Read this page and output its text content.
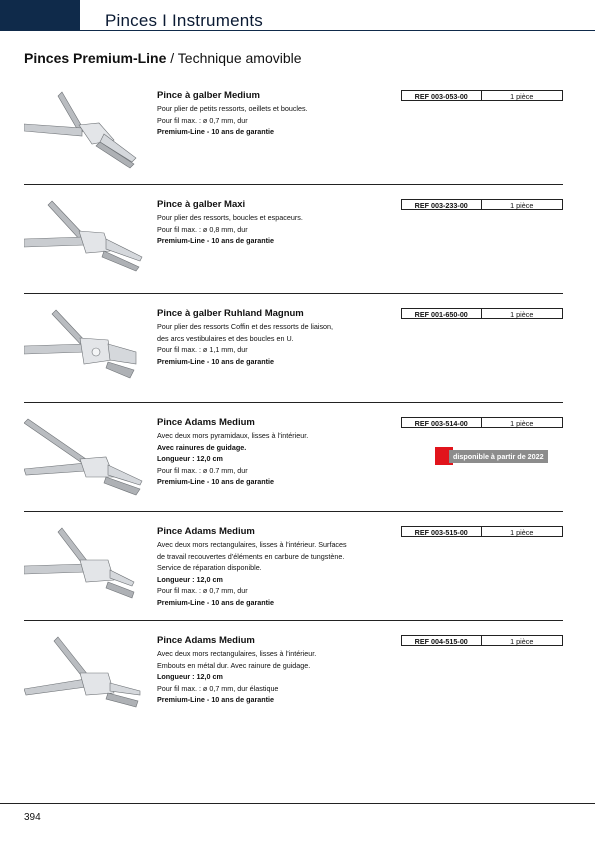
Pinces I Instruments
Pinces Premium-Line / Technique amovible

Pince à galber Medium

Pour plier de petits ressorts, oeillets et boucles.

Pour fil max. : ø 0,7 mm, dur

Premium-Line - 10 ans de garantie

REF 003-053-00	1 pièce

Pince à galber Maxi

Pour plier des ressorts, boucles et espaceurs.

Pour fil max. : ø 0,8 mm, dur

Premium-Line - 10 ans de garantie

REF 003-233-00	1 pièce

Pince à galber Ruhland Magnum

Pour plier des ressorts Coffin et des ressorts de liaison,

des arcs vestibulaires et des boucles en U.

Pour fil max. : ø 1,1 mm, dur

Premium-Line - 10 ans de garantie

REF 001-650-00	1 pièce

Pince Adams Medium

Avec deux mors pyramidaux, lisses à l’intérieur.

Avec rainures de guidage.

Longueur : 12,0 cm

Pour fil max. : ø 0.7 mm, dur

Premium-Line - 10 ans de garantie

REF 003-514-00	1 pièce
disponible à partir de 2022

Pince Adams Medium

Avec deux mors rectangulaires, lisses à l’intérieur. Surfaces

de travail recouvertes d’éléments en carbure de tungstène.

Service de réparation disponible.

Longueur : 12,0 cm

Pour fil max. : ø 0,7 mm, dur

Premium-Line - 10 ans de garantie

REF 003-515-00	1 pièce

Pince Adams Medium

Avec deux mors rectangulaires, lisses à l’intérieur.

Embouts en métal dur. Avec rainure de guidage.

Longueur : 12,0 cm

Pour fil max. : ø 0,7 mm, dur élastique

Premium-Line - 10 ans de garantie

REF 004-515-00	1 pièce
394
